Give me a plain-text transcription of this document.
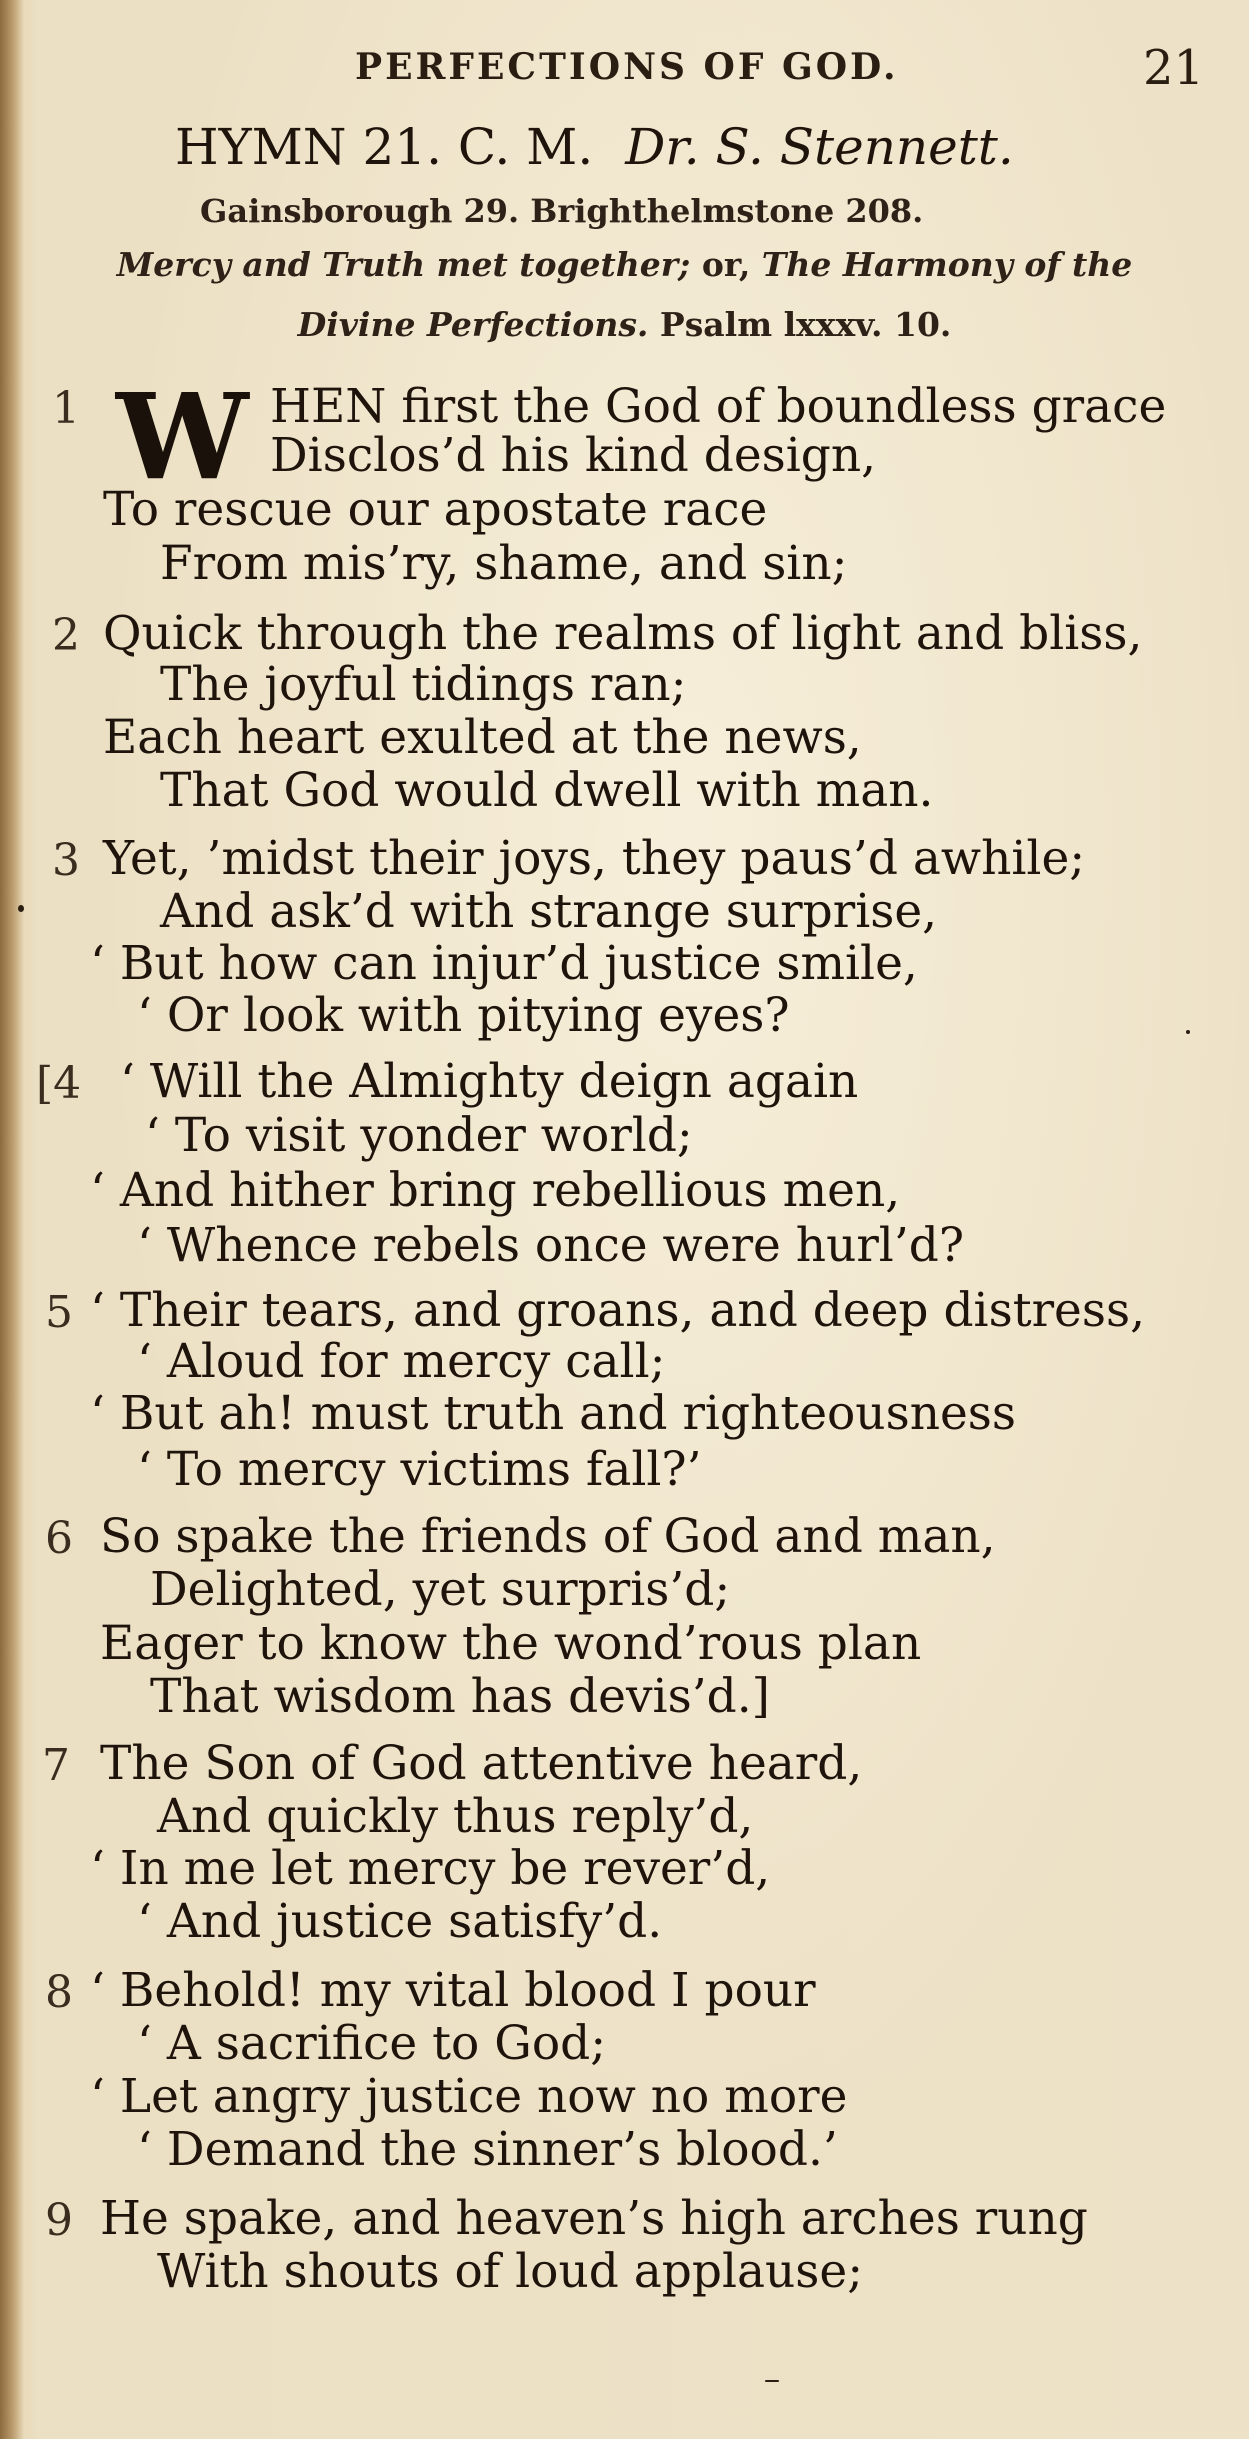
PERFECTIONS OF GOD.	21
HYMN 21. C. M. Dr. S. Stennett.
Gainsborough 29. Brighthelmstone 208.
Mercy and Truth met together; or, The Harmony of the
Divine Perfections. Psalm lxxxv. 10.
1 W HEN first the God of boundless grace
Disclos’d his kind design,
To rescue our apostate race
From mis’ry, shame, and sin;
2 Quick through the realms of light and bliss,
The joyful tidings ran;
Each heart exulted at the news,
That God would dwell with man.
3 Yet, ’midst their joys, they paus’d awhile;
And ask’d with strange surprise,
‘ But how can injur’d justice smile,
‘ Or look with pitying eyes?
[4 ‘ Will the Almighty deign again
‘ To visit yonder world;
‘ And hither bring rebellious men,
‘ Whence rebels once were hurl’d?
5 ‘ Their tears, and groans, and deep distress,
‘ Aloud for mercy call;
‘ But ah! must truth and righteousness
‘ To mercy victims fall?’
6 So spake the friends of God and man,
Delighted, yet surpris’d;
Eager to know the wond’rous plan
That wisdom has devis’d.]
7 The Son of God attentive heard,
And quickly thus reply’d,
‘ In me let mercy be rever’d,
‘ And justice satisfy’d.
8 ‘ Behold! my vital blood I pour
‘ A sacrifice to God;
‘ Let angry justice now no more
‘ Demand the sinner’s blood.’
9 He spake, and heaven’s high arches rung
With shouts of loud applause;
